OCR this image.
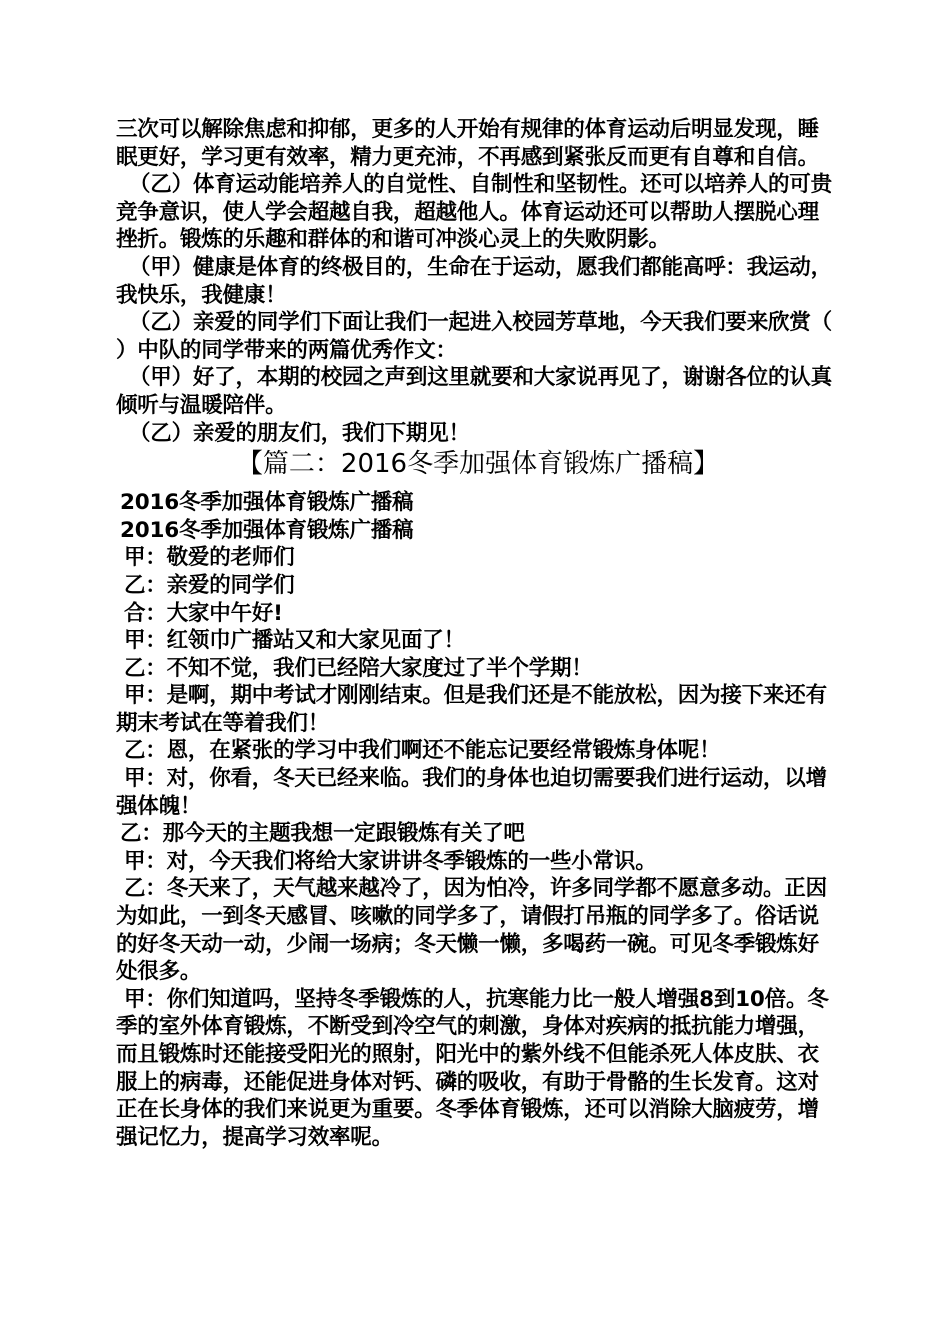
三次可以解除焦虑和抑郁，更多的人开始有规律的体育运动后明显发现，睡眠更好，学习更有效率，精力更充沛，不再感到紧张反而更有自尊和自信。

（乙）体育运动能培养人的自觉性、自制性和坚韧性。还可以培养人的可贵竞争意识，使人学会超越自我，超越他人。体育运动还可以帮助人摆脱心理挫折。锻炼的乐趣和群体的和谐可冲淡心灵上的失败阴影。

（甲）健康是体育的终极目的，生命在于运动，愿我们都能高呼：我运动，我快乐，我健康！

（乙）亲爱的同学们下面让我们一起进入校园芳草地，今天我们要来欣赏（ ）中队的同学带来的两篇优秀作文：

（甲）好了，本期的校园之声到这里就要和大家说再见了，谢谢各位的认真倾听与温暖陪伴。

（乙）亲爱的朋友们，我们下期见！

【篇二：2016冬季加强体育锻炼广播稿】

2016冬季加强体育锻炼广播稿

2016冬季加强体育锻炼广播稿

甲：敬爱的老师们

乙：亲爱的同学们

合：大家中午好!

甲：红领巾广播站又和大家见面了！

乙：不知不觉，我们已经陪大家度过了半个学期！

甲：是啊，期中考试才刚刚结束。但是我们还是不能放松，因为接下来还有期末考试在等着我们！

乙：恩，在紧张的学习中我们啊还不能忘记要经常锻炼身体呢！

甲：对，你看，冬天已经来临。我们的身体也迫切需要我们进行运动，以增强体魄！

乙：那今天的主题我想一定跟锻炼有关了吧

甲：对，今天我们将给大家讲讲冬季锻炼的一些小常识。

乙：冬天来了，天气越来越冷了，因为怕冷，许多同学都不愿意多动。正因为如此，一到冬天感冒、咳嗽的同学多了，请假打吊瓶的同学多了。俗话说的好冬天动一动，少闹一场病；冬天懒一懒，多喝药一碗。可见冬季锻炼好处很多。

甲：你们知道吗，坚持冬季锻炼的人，抗寒能力比一般人增强8到10倍。冬季的室外体育锻炼，不断受到冷空气的刺激，身体对疾病的抵抗能力增强，而且锻炼时还能接受阳光的照射，阳光中的紫外线不但能杀死人体皮肤、衣服上的病毒，还能促进身体对钙、磷的吸收，有助于骨骼的生长发育。这对正在长身体的我们来说更为重要。冬季体育锻炼，还可以消除大脑疲劳，增强记忆力，提高学习效率呢。
